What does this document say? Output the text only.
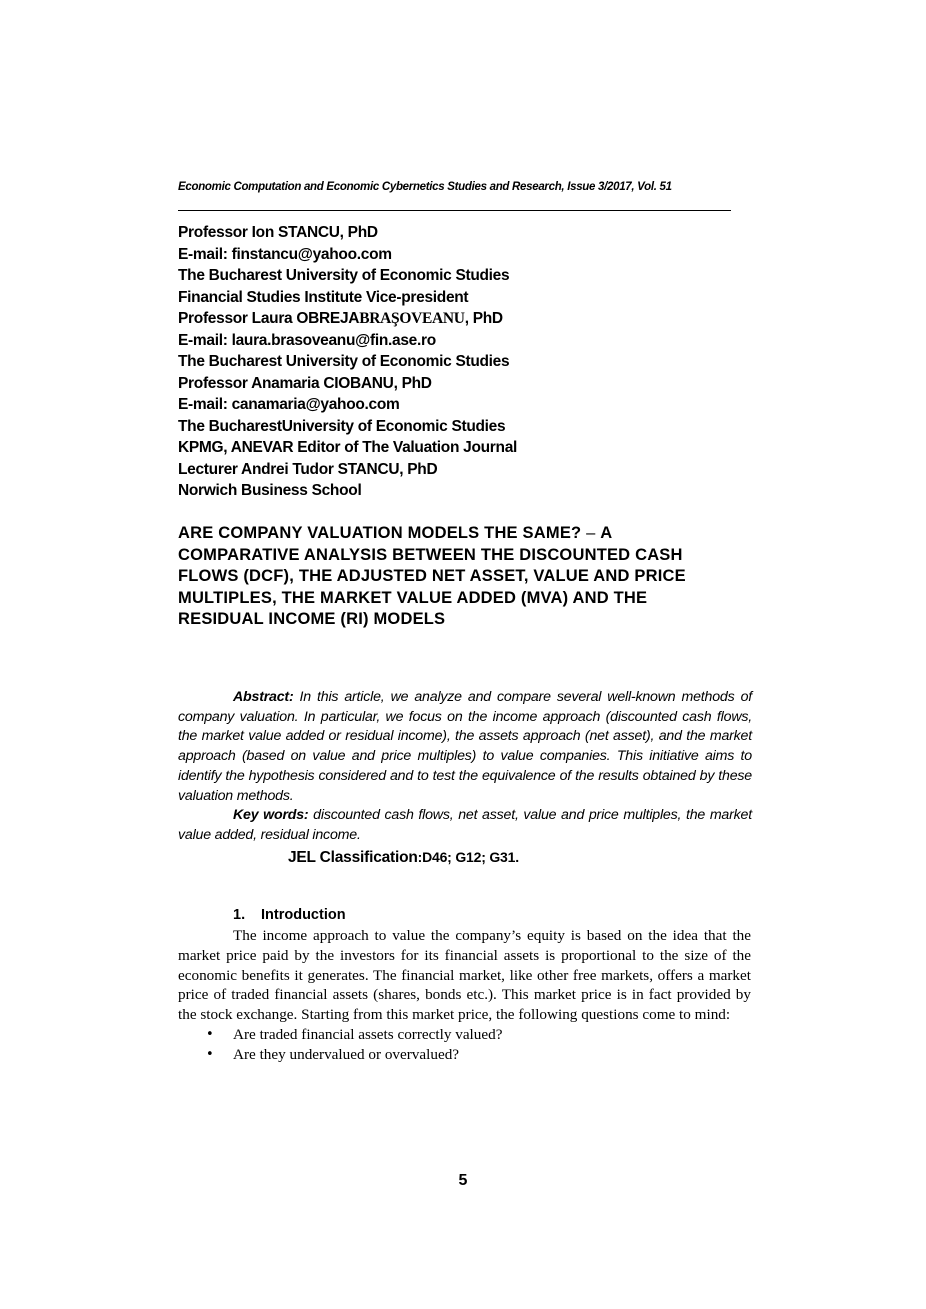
Economic Computation and Economic Cybernetics Studies and Research, Issue 3/2017, Vol. 51
Professor Ion STANCU, PhD
E-mail: finstancu@yahoo.com
The Bucharest University of Economic Studies
Financial Studies Institute Vice-president
Professor Laura OBREJABRAŞOVEANU, PhD
E-mail: laura.brasoveanu@fin.ase.ro
The Bucharest University of Economic Studies
Professor Anamaria CIOBANU, PhD
E-mail: canamaria@yahoo.com
The BucharestUniversity of Economic Studies
KPMG, ANEVAR Editor of The Valuation Journal
Lecturer Andrei Tudor STANCU, PhD
Norwich Business School
ARE COMPANY VALUATION MODELS THE SAME? – A
COMPARATIVE ANALYSIS BETWEEN THE DISCOUNTED CASH
FLOWS (DCF), THE ADJUSTED NET ASSET, VALUE AND PRICE
MULTIPLES, THE MARKET VALUE ADDED (MVA) AND THE
RESIDUAL INCOME (RI) MODELS

Abstract: In this article, we analyze and compare several well-known methods of company valuation. In particular, we focus on the income approach (discounted cash flows, the market value added or residual income), the assets approach (net asset), and the market approach (based on value and price multiples) to value companies. This initiative aims to identify the hypothesis considered and to test the equivalence of the results obtained by these valuation methods.

Key words: discounted cash flows, net asset, value and price multiples, the market value added, residual income.

JEL Classification:D46; G12; G31.

1. Introduction

The income approach to value the company’s equity is based on the idea that the market price paid by the investors for its financial assets is proportional to the size of the economic benefits it generates. The financial market, like other free markets, offers a market price of traded financial assets (shares, bonds etc.). This market price is in fact provided by the stock exchange. Starting from this market price, the following questions come to mind:

• Are traded financial assets correctly valued?
• Are they undervalued or overvalued?
5
